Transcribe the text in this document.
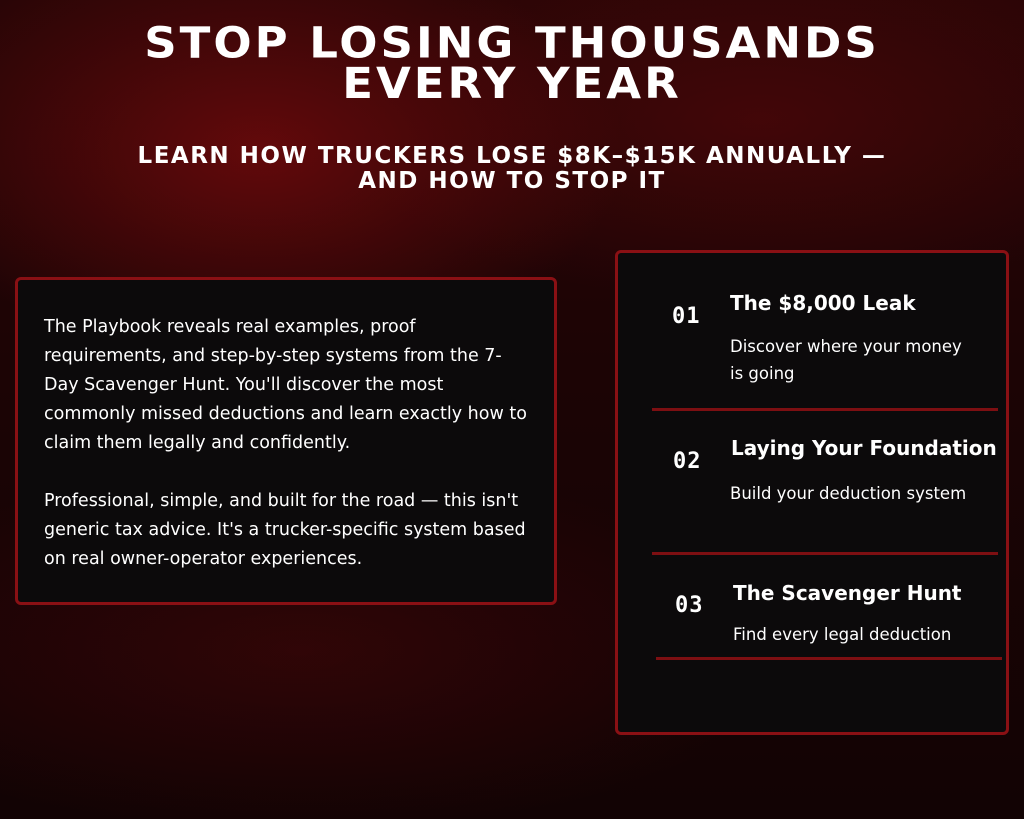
STOP LOSING THOUSANDS
EVERY YEAR
LEARN HOW TRUCKERS LOSE $8K–$15K ANNUALLY —
AND HOW TO STOP IT

The Playbook reveals real examples, proof requirements, and step-by-step systems from the 7-Day Scavenger Hunt. You'll discover the most commonly missed deductions and learn exactly how to claim them legally and confidently.

Professional, simple, and built for the road — this isn't generic tax advice. It's a trucker-specific system based on real owner-operator experiences.

01
The $8,000 Leak
Discover where your money is going
02
Laying Your Foundation
Build your deduction system
03 The Scavenger Hunt
Find every legal deduction
